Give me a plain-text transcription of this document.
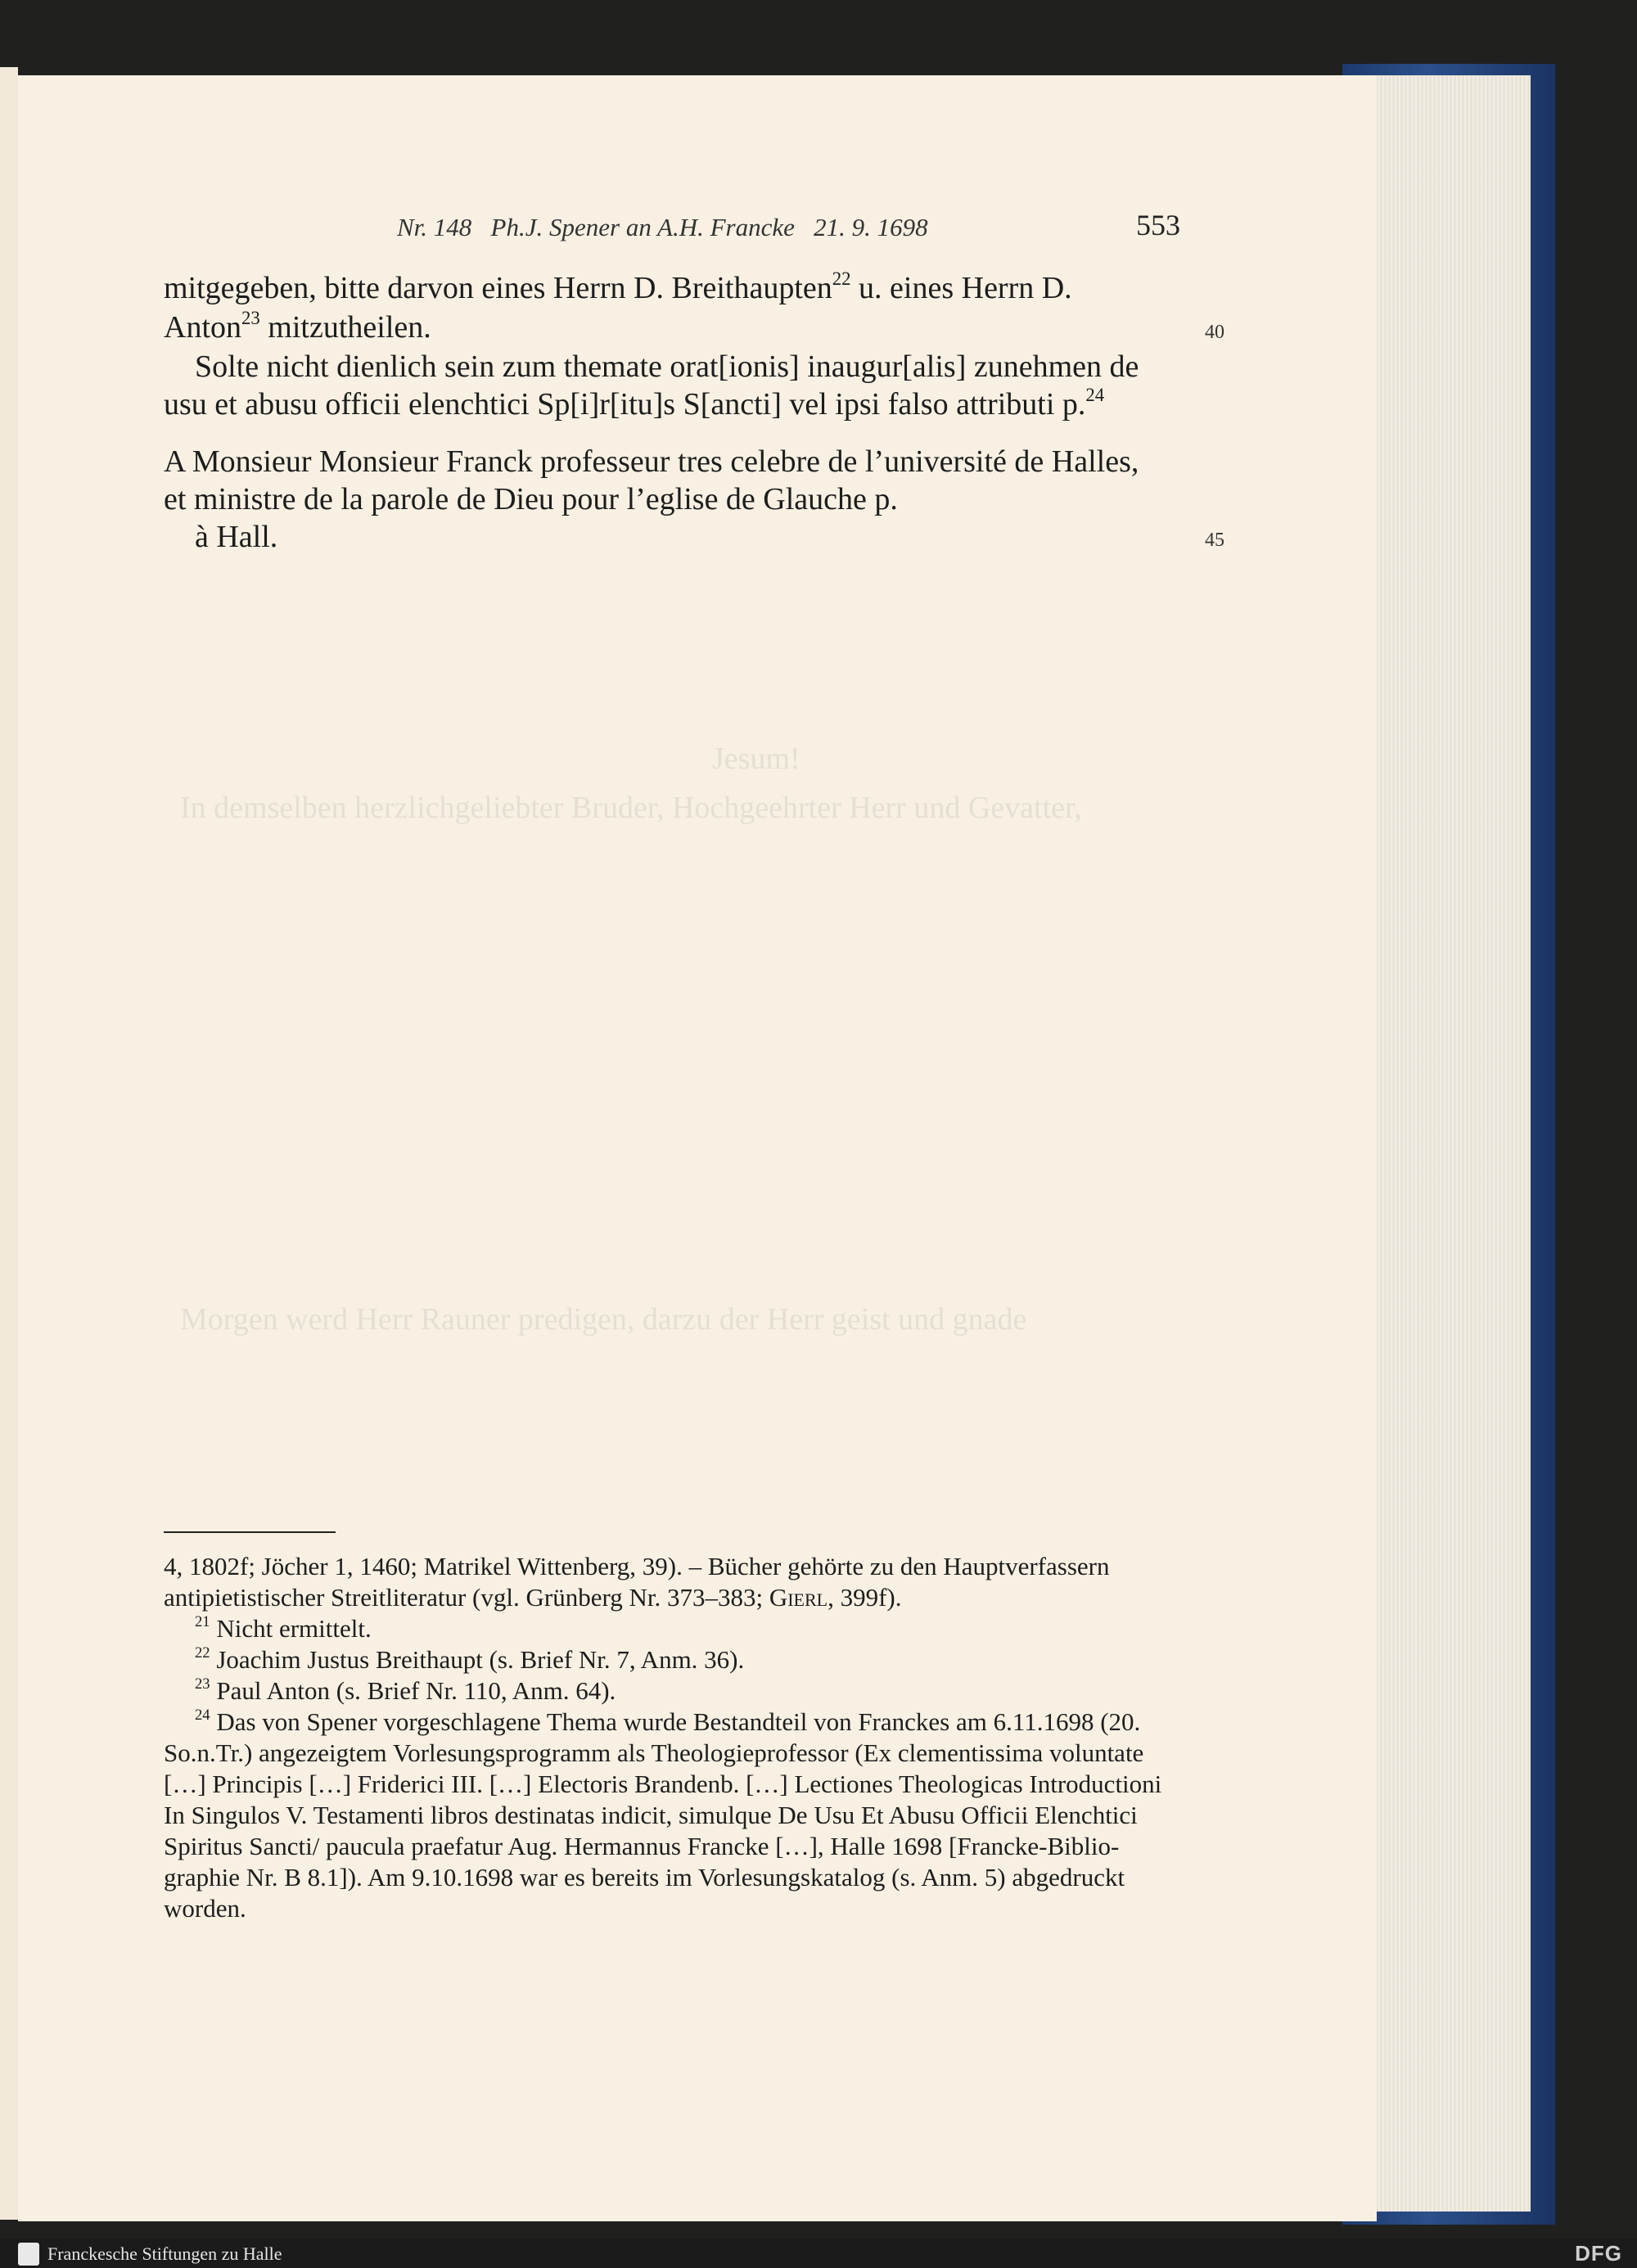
Jesum!
In demselben herzlichgeliebter Bruder, Hochgeehrter Herr und Gevatter,
Morgen werd Herr Rauner predigen, darzu der Herr geist und gnade
Nr. 148   Ph.J. Spener an A.H. Francke   21. 9. 1698	553
mitgegeben, bitte darvon eines Herrn D. Breithaupten$^{22}$ u. eines Herrn D.
Anton$^{23}$ mitzutheilen.	40
Solte nicht dienlich sein zum themate orat[ionis] inaugur[alis] zunehmen de
usu et abusu officii elenchtici Sp[i]r[itu]s S[ancti] vel ipsi falso attributi p.$^{24}$
A Monsieur Monsieur Franck professeur tres celebre de l’université de Halles,
et ministre de la parole de Dieu pour l’eglise de Glauche p.
à Hall.	45
4, 1802f; Jöcher 1, 1460; Matrikel Wittenberg, 39). – Bücher gehörte zu den Hauptverfassern
antipietistischer Streitliteratur (vgl. Grünberg Nr. 373–383; Gierl, 399f).
$^{21}$ Nicht ermittelt.
$^{22}$ Joachim Justus Breithaupt (s. Brief Nr. 7, Anm. 36).
$^{23}$ Paul Anton (s. Brief Nr. 110, Anm. 64).
$^{24}$ Das von Spener vorgeschlagene Thema wurde Bestandteil von Franckes am 6.11.1698 (20.
So.n.Tr.) angezeigtem Vorlesungsprogramm als Theologieprofessor (Ex clementissima voluntate
[…] Principis […] Friderici III. […] Electoris Brandenb. […] Lectiones Theologicas Introductioni
In Singulos V. Testamenti libros destinatas indicit, simulque De Usu Et Abusu Officii Elenchtici
Spiritus Sancti/ paucula praefatur Aug. Hermannus Francke […], Halle 1698 [Francke-Biblio-
graphie Nr. B 8.1]). Am 9.10.1698 war es bereits im Vorlesungskatalog (s. Anm. 5) abgedruckt
worden.
Franckesche Stiftungen zu Halle	DFG
